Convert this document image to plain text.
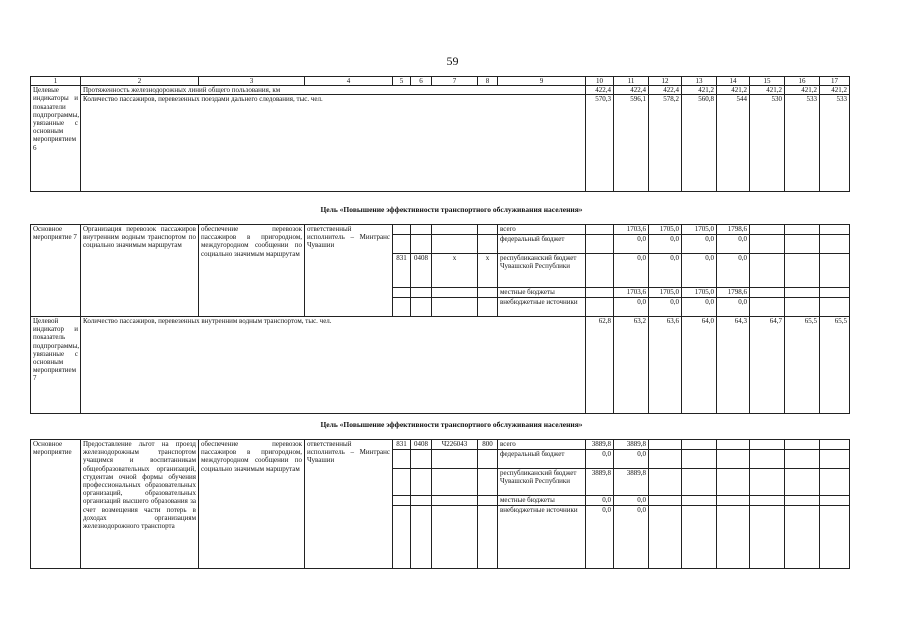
59
1	2	3	4	5	6	7	8	9	10	11	12	13	14	15	16	17
Целевые индикаторы и показатели подпрограммы, увязанные с основным мероприятием 6	Протяженность железнодорожных линий общего пользования, км								422,4	422,4	422,4	421,2	421,2	421,2	421,2	421,2
	Количество пассажиров, перевезенных поездами дальнего следования, тыс. чел.								570,3	596,1	578,2	560,8	544	530	533	533
Цель «Повышение эффективности транспортного обслуживания населения»
Основное мероприятие 7	Организация перевозок пассажиров внутренним водным транспортом по социально значимым маршрутам	обеспечение перевозок пассажиров в пригородном, междугородном сообщении по социально значимым маршрутам	ответственный исполнитель – Минтранс Чувашии					всего		1703,6	1705,0	1705,0	1798,6			
								федеральный бюджет		0,0	0,0	0,0	0,0			
				831	0408	x	x	республиканский бюджет Чувашской Республики		0,0	0,0	0,0	0,0			
								местные бюджеты		1703,6	1705,0	1705,0	1798,6			
								внебюджетные источники		0,0	0,0	0,0	0,0			
Целевой индикатор и показатель подпрограммы, увязанные с основным мероприятием 7	Количество пассажиров, перевезенных внутренним водным транспортом, тыс. чел.								62,8	63,2	63,6	64,0	64,3	64,7	65,5	65,5
Цель «Повышение эффективности транспортного обслуживания населения»
Основное мероприятие	Предоставление льгот на проезд железнодорожным транспортом учащимся и воспитанникам общеобразовательных организаций, студентам очной формы обучения профессиональных образовательных организаций, образовательных организаций высшего образования за счет возмещения части потерь в доходах организациям железнодорожного транспорта	обеспечение перевозок пассажиров в пригородном, междугородном сообщении по социально значимым маршрутам	ответственный исполнитель – Минтранс Чувашии	831	0408	Ч226043	800	всего	3889,8	3889,8						
								федеральный бюджет	0,0	0,0						
								республиканский бюджет Чувашской Республики	3889,8	3889,8						
								местные бюджеты	0,0	0,0						
								внебюджетные источники	0,0	0,0						
